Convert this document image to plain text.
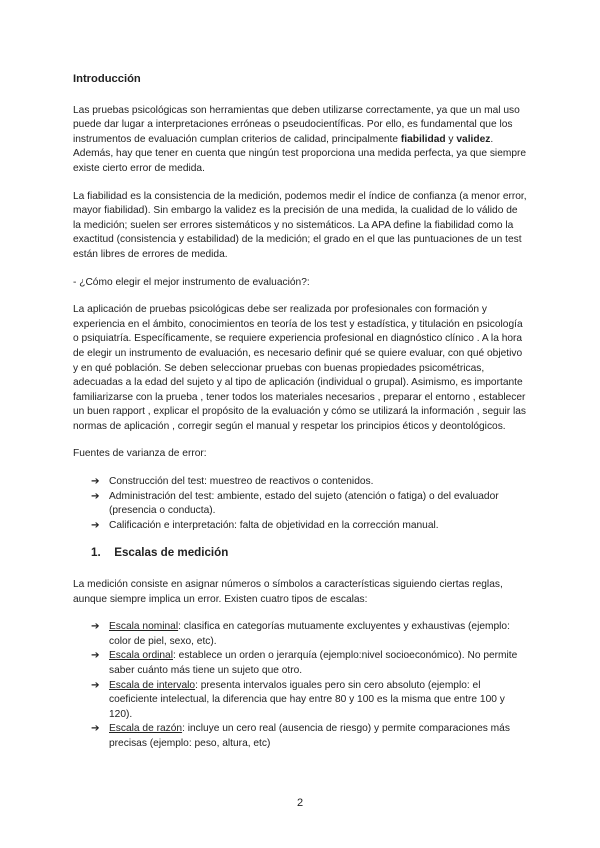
Introducción

Las pruebas psicológicas son herramientas que deben utilizarse correctamente, ya que un mal uso puede dar lugar a interpretaciones erróneas o pseudocientíficas. Por ello, es fundamental que los instrumentos de evaluación cumplan criterios de calidad, principalmente fiabilidad y validez. Además, hay que tener en cuenta que ningún test proporciona una medida perfecta, ya que siempre existe cierto error de medida.

La fiabilidad es la consistencia de la medición, podemos medir el índice de confianza (a menor error, mayor fiabilidad). Sin embargo la validez es la precisión de una medida, la cualidad de lo válido de la medición; suelen ser errores sistemáticos y no sistemáticos. La APA define la fiabilidad como la exactitud (consistencia y estabilidad) de la medición; el grado en el que las puntuaciones de un test están libres de errores de medida.

- ¿Cómo elegir el mejor instrumento de evaluación?:

La aplicación de pruebas psicológicas debe ser realizada por profesionales con formación y experiencia en el ámbito, conocimientos en teoría de los test y estadística, y titulación en psicología o psiquiatría. Específicamente, se requiere experiencia profesional en diagnóstico clínico . A la hora de elegir un instrumento de evaluación, es necesario definir qué se quiere evaluar, con qué objetivo y en qué población. Se deben seleccionar pruebas con buenas propiedades psicométricas, adecuadas a la edad del sujeto y al tipo de aplicación (individual o grupal). Asimismo, es importante familiarizarse con la prueba , tener todos los materiales necesarios , preparar el entorno , establecer un buen rapport , explicar el propósito de la evaluación y cómo se utilizará la información , seguir las normas de aplicación , corregir según el manual y respetar los principios éticos y deontológicos.

Fuentes de varianza de error:

➔ Construcción del test: muestreo de reactivos o contenidos.
➔ Administración del test: ambiente, estado del sujeto (atención o fatiga) o del evaluador (presencia o conducta).
➔ Calificación e interpretación: falta de objetividad en la corrección manual.
1. Escalas de medición

La medición consiste en asignar números o símbolos a características siguiendo ciertas reglas, aunque siempre implica un error. Existen cuatro tipos de escalas:

➔ Escala nominal: clasifica en categorías mutuamente excluyentes y exhaustivas (ejemplo: color de piel, sexo, etc).
➔ Escala ordinal: establece un orden o jerarquía (ejemplo:nivel socioeconómico). No permite saber cuánto más tiene un sujeto que otro.
➔ Escala de intervalo: presenta intervalos iguales pero sin cero absoluto (ejemplo: el coeficiente intelectual, la diferencia que hay entre 80 y 100 es la misma que entre 100 y 120).
➔ Escala de razón: incluye un cero real (ausencia de riesgo) y permite comparaciones más precisas (ejemplo: peso, altura, etc)
2
